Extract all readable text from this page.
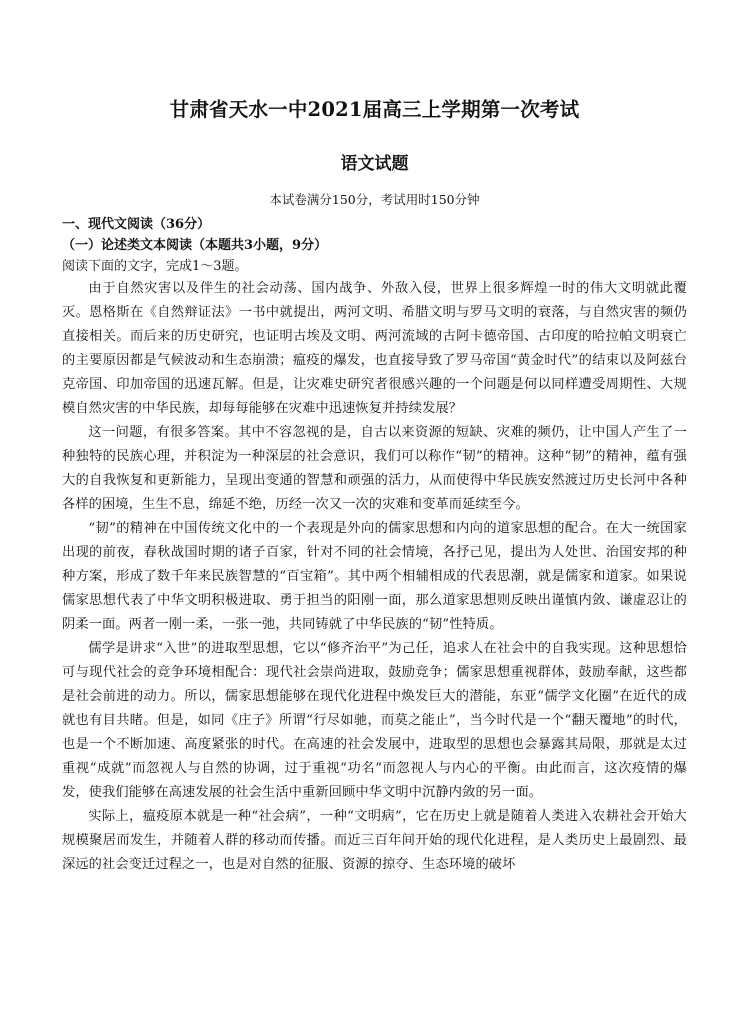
甘肃省天水一中2021届高三上学期第一次考试
语文试题
本试卷满分150分，考试用时150分钟
一、现代文阅读（36分）
（一）论述类文本阅读（本题共3小题，9分）
阅读下面的文字，完成1～3题。

由于自然灾害以及伴生的社会动荡、国内战争、外敌入侵，世界上很多辉煌一时的伟大文明就此覆灭。恩格斯在《自然辩证法》一书中就提出，两河文明、希腊文明与罗马文明的衰落，与自然灾害的频仍直接相关。而后来的历史研究，也证明古埃及文明、两河流域的古阿卡德帝国、古印度的哈拉帕文明衰亡的主要原因都是气候波动和生态崩溃；瘟疫的爆发，也直接导致了罗马帝国“黄金时代”的结束以及阿兹台克帝国、印加帝国的迅速瓦解。但是，让灾难史研究者很感兴趣的一个问题是何以同样遭受周期性、大规模自然灾害的中华民族，却每每能够在灾难中迅速恢复并持续发展？

这一问题，有很多答案。其中不容忽视的是，自古以来资源的短缺、灾难的频仍，让中国人产生了一种独特的民族心理，并积淀为一种深层的社会意识，我们可以称作“韧”的精神。这种“韧”的精神，蕴有强大的自我恢复和更新能力，呈现出变通的智慧和顽强的活力，从而使得中华民族安然渡过历史长河中各种各样的困境，生生不息，绵延不绝，历经一次又一次的灾难和变革而延续至今。

“韧”的精神在中国传统文化中的一个表现是外向的儒家思想和内向的道家思想的配合。在大一统国家出现的前夜，春秋战国时期的诸子百家，针对不同的社会情境，各抒己见，提出为人处世、治国安邦的种种方案，形成了数千年来民族智慧的“百宝箱”。其中两个相辅相成的代表思潮，就是儒家和道家。如果说儒家思想代表了中华文明积极进取、勇于担当的阳刚一面，那么道家思想则反映出谨慎内敛、谦虚忍让的阴柔一面。两者一刚一柔，一张一弛，共同铸就了中华民族的“韧”性特质。

儒学是讲求“入世”的进取型思想，它以“修齐治平”为己任，追求人在社会中的自我实现。这种思想恰可与现代社会的竞争环境相配合：现代社会崇尚进取，鼓励竞争；儒家思想重视群体，鼓励奉献，这些都是社会前进的动力。所以，儒家思想能够在现代化进程中焕发巨大的潜能，东亚“儒学文化圈”在近代的成就也有目共睹。但是，如同《庄子》所谓“行尽如驰，而莫之能止”，当今时代是一个“翻天覆地”的时代，也是一个不断加速、高度紧张的时代。在高速的社会发展中，进取型的思想也会暴露其局限，那就是太过重视“成就”而忽视人与自然的协调，过于重视“功名”而忽视人与内心的平衡。由此而言，这次疫情的爆发，使我们能够在高速发展的社会生活中重新回顾中华文明中沉静内敛的另一面。

实际上，瘟疫原本就是一种“社会病”，一种“文明病”，它在历史上就是随着人类进入农耕社会开始大规模聚居而发生，并随着人群的移动而传播。而近三百年间开始的现代化进程，是人类历史上最剧烈、最深远的社会变迁过程之一，也是对自然的征服、资源的掠夺、生态环境的破坏
